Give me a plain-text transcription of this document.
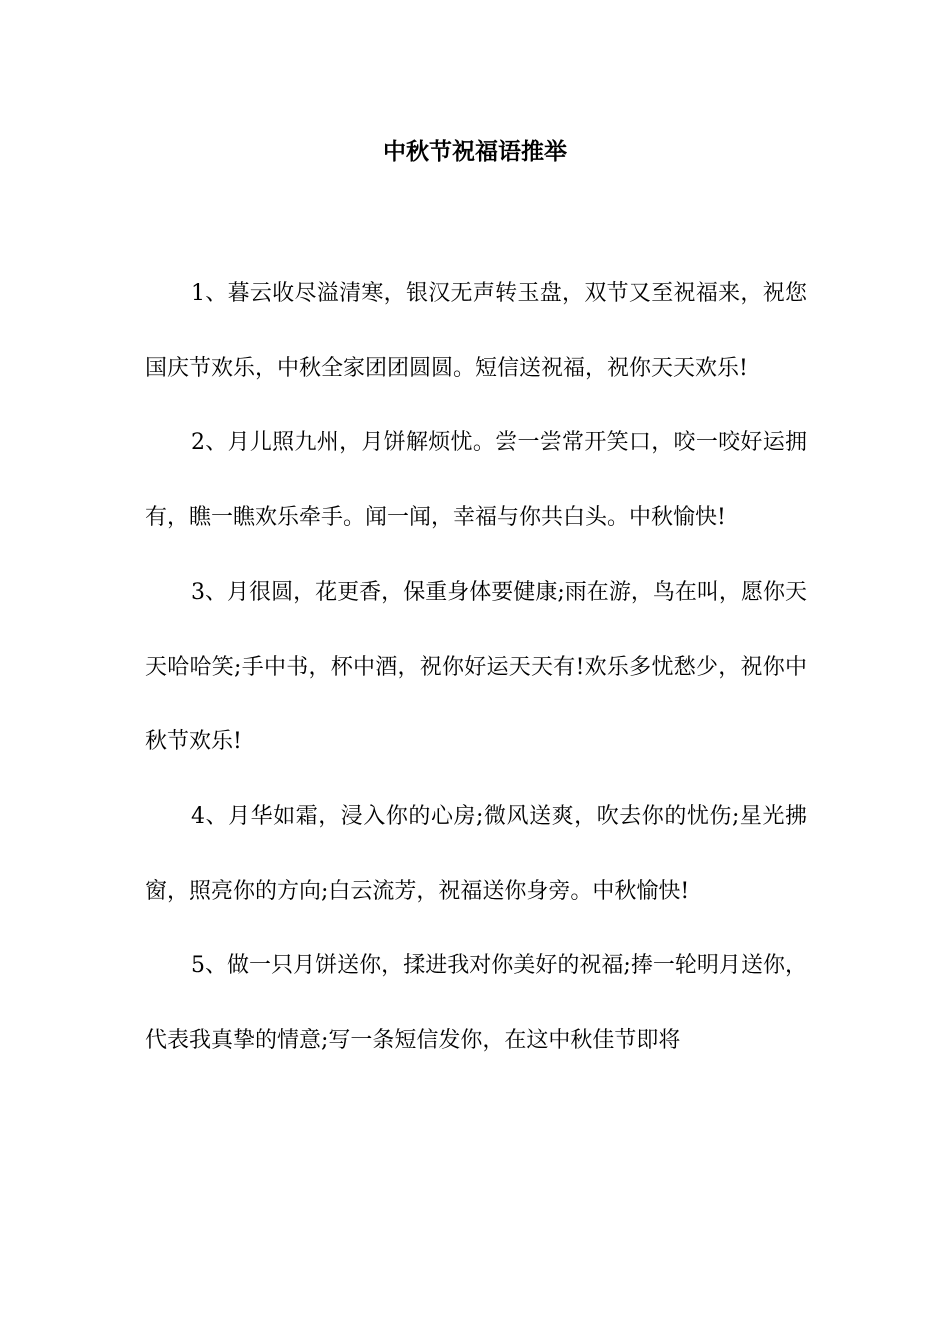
中秋节祝福语推举

1、暮云收尽溢清寒，银汉无声转玉盘，双节又至祝福来，祝您国庆节欢乐，中秋全家团团圆圆。短信送祝福，祝你天天欢乐!

2、月儿照九州，月饼解烦忧。尝一尝常开笑口，咬一咬好运拥有，瞧一瞧欢乐牵手。闻一闻，幸福与你共白头。中秋愉快!

3、月很圆，花更香，保重身体要健康;雨在游，鸟在叫，愿你天天哈哈笑;手中书，杯中酒，祝你好运天天有!欢乐多忧愁少，祝你中秋节欢乐!

4、月华如霜，浸入你的心房;微风送爽，吹去你的忧伤;星光拂窗，照亮你的方向;白云流芳，祝福送你身旁。中秋愉快!

5、做一只月饼送你，揉进我对你美好的祝福;捧一轮明月送你，代表我真挚的情意;写一条短信发你，在这中秋佳节即将
